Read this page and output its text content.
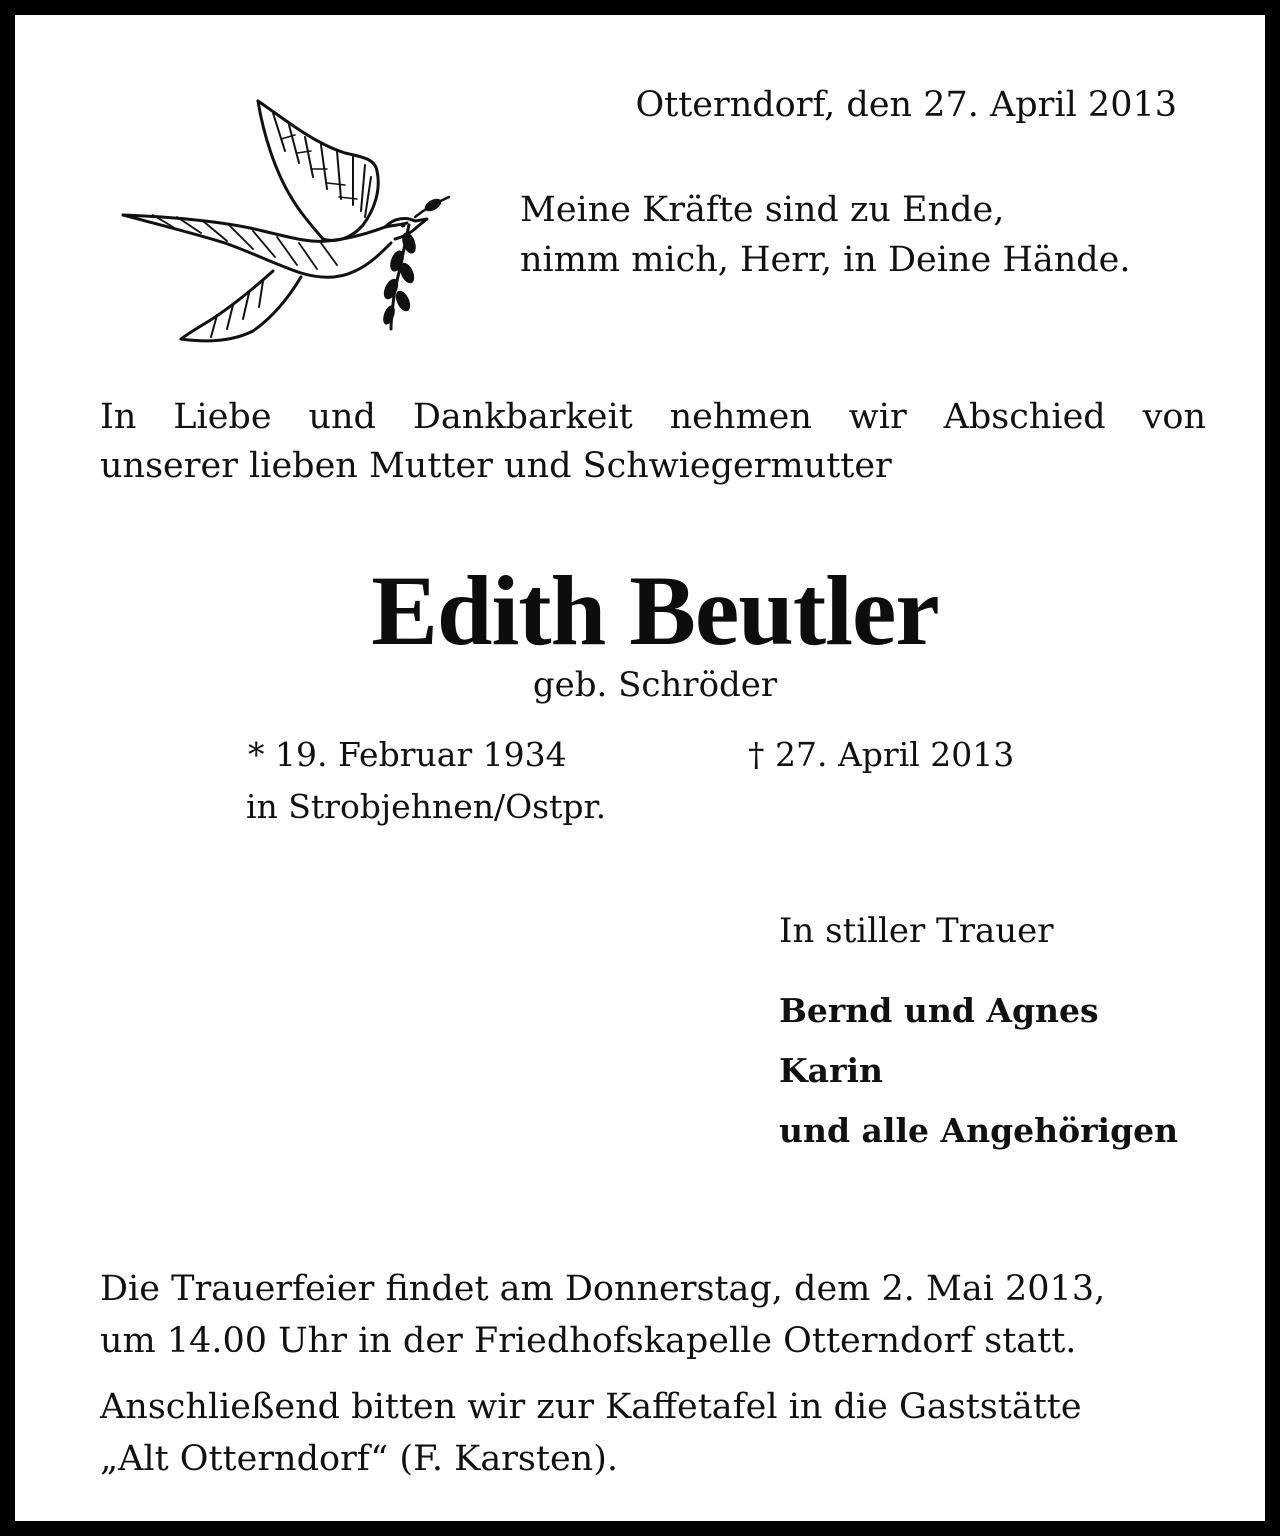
Otterndorf, den 27. April 2013

Meine Kräfte sind zu Ende,
nimm mich, Herr, in Deine Hände.
In Liebe und Dankbarkeit nehmen wir Abschied von
unserer lieben Mutter und Schwiegermutter
Edith Beutler

geb. Schröder

* 19. Februar 1934	† 27. April 2013

in Strobjehnen/Ostpr.

In stiller Trauer

Bernd und Agnes
Karin
und alle Angehörigen
Die Trauerfeier findet am Donnerstag, dem 2. Mai 2013,
um 14.00 Uhr in der Friedhofskapelle Otterndorf statt.
Anschließend bitten wir zur Kaffetafel in die Gaststätte
„Alt Otterndorf“ (F. Karsten).
